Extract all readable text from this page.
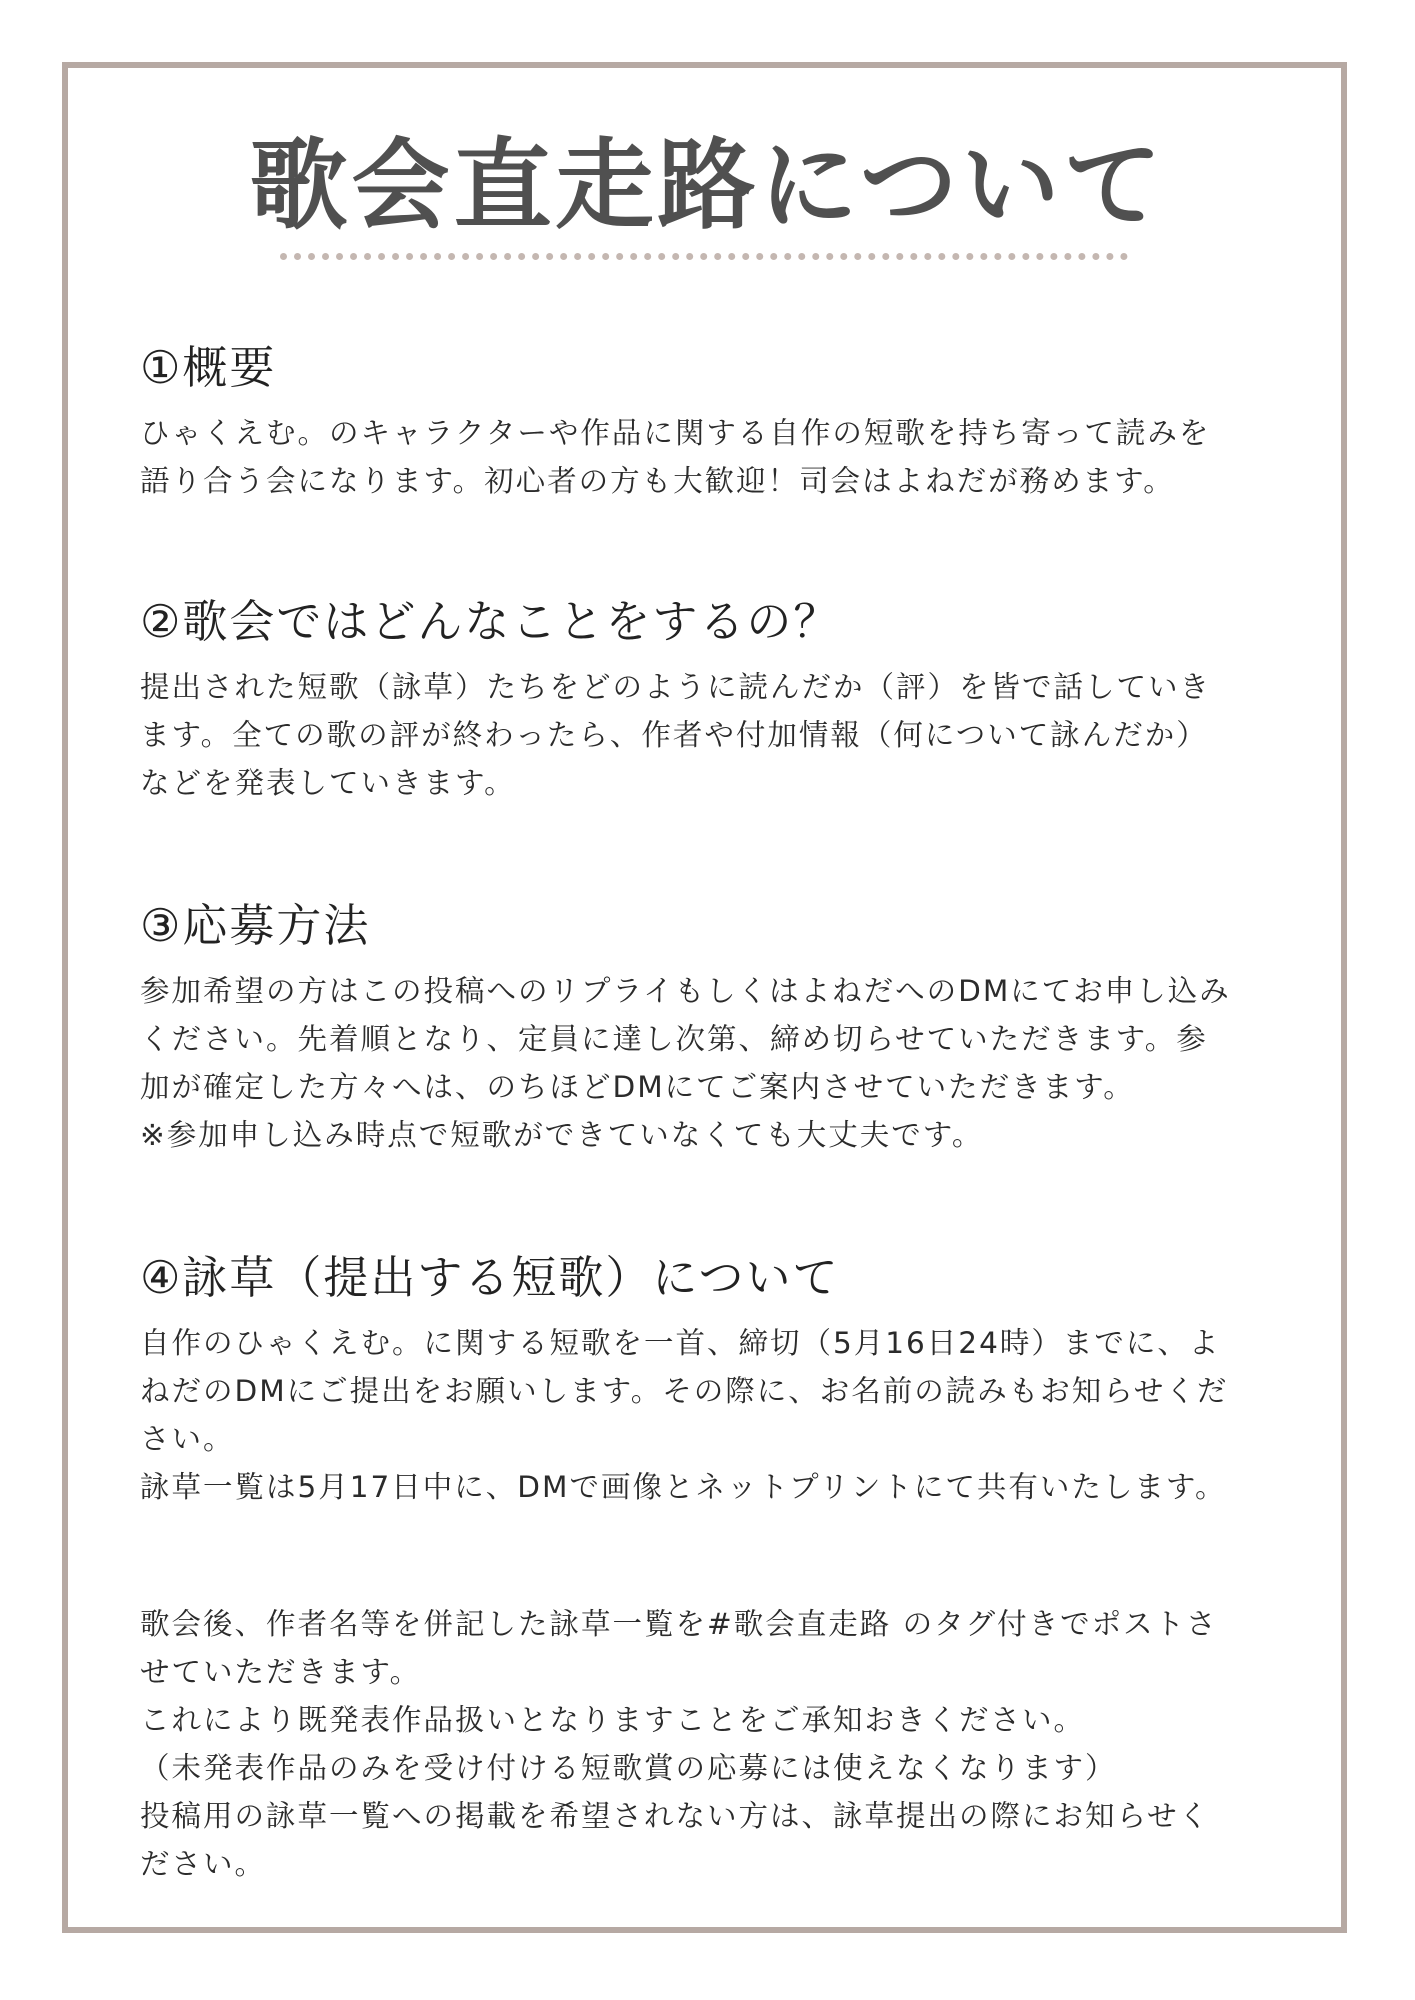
歌会直走路について
①概要

ひゃくえむ。のキャラクターや作品に関する自作の短歌を持ち寄って読みを

語り合う会になります。初心者の方も大歓迎！司会はよねだが務めます。

②歌会ではどんなことをするの？

提出された短歌（詠草）たちをどのように読んだか（評）を皆で話していき

ます。全ての歌の評が終わったら、作者や付加情報（何について詠んだか）

などを発表していきます。

③応募方法

参加希望の方はこの投稿へのリプライもしくはよねだへのDMにてお申し込み

ください。先着順となり、定員に達し次第、締め切らせていただきます。参

加が確定した方々へは、のちほどDMにてご案内させていただきます。

※参加申し込み時点で短歌ができていなくても大丈夫です。

④詠草（提出する短歌）について

自作のひゃくえむ。に関する短歌を一首、締切（5月16日24時）までに、よ

ねだのDMにご提出をお願いします。その際に、お名前の読みもお知らせくだ

さい。

詠草一覧は5月17日中に、DMで画像とネットプリントにて共有いたします。

歌会後、作者名等を併記した詠草一覧を#歌会直走路 のタグ付きでポストさ

せていただきます。

これにより既発表作品扱いとなりますことをご承知おきください。

（未発表作品のみを受け付ける短歌賞の応募には使えなくなります）

投稿用の詠草一覧への掲載を希望されない方は、詠草提出の際にお知らせく

ださい。
